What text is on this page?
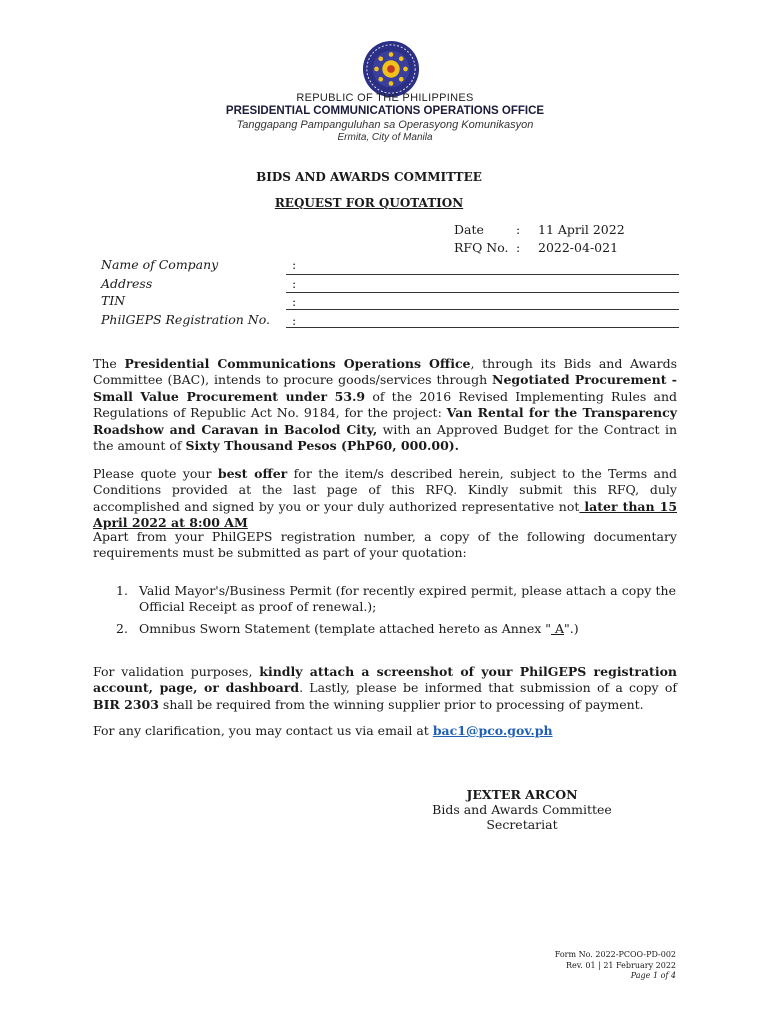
REPUBLIC OF THE PHILIPPINES
PRESIDENTIAL COMMUNICATIONS OPERATIONS OFFICE
Tanggapang Pampanguluhan sa Operasyong Komunikasyon
Ermita, City of Manila
BIDS AND AWARDS COMMITTEE
REQUEST FOR QUOTATION
Date	: 11 April 2022
RFQ No. : 2022-04-021
Name of Company	:
Address	:
TIN	:
PhilGEPS Registration No. :
The Presidential Communications Operations Office, through its Bids and Awards Committee (BAC), intends to procure goods/services through Negotiated Procurement - Small Value Procurement under 53.9 of the 2016 Revised Implementing Rules and Regulations of Republic Act No. 9184, for the project: Van Rental for the Transparency Roadshow and Caravan in Bacolod City, with an Approved Budget for the Contract in the amount of Sixty Thousand Pesos (PhP60, 000.00).
Please quote your best offer for the item/s described herein, subject to the Terms and Conditions provided at the last page of this RFQ. Kindly submit this RFQ, duly accomplished and signed by you or your duly authorized representative not later than 15 April 2022 at 8:00 AM
Apart from your PhilGEPS registration number, a copy of the following documentary requirements must be submitted as part of your quotation:
1. Valid Mayor's/Business Permit (for recently expired permit, please attach a copy the Official Receipt as proof of renewal.);
2. Omnibus Sworn Statement (template attached hereto as Annex " A".)
For validation purposes, kindly attach a screenshot of your PhilGEPS registration account, page, or dashboard. Lastly, please be informed that submission of a copy of BIR 2303 shall be required from the winning supplier prior to processing of payment.
For any clarification, you may contact us via email at bac1@pco.gov.ph
JEXTER ARCON
Bids and Awards Committee Secretariat
Form No. 2022-PCOO-PD-002
Rev. 01 | 21 February 2022
Page 1 of 4
